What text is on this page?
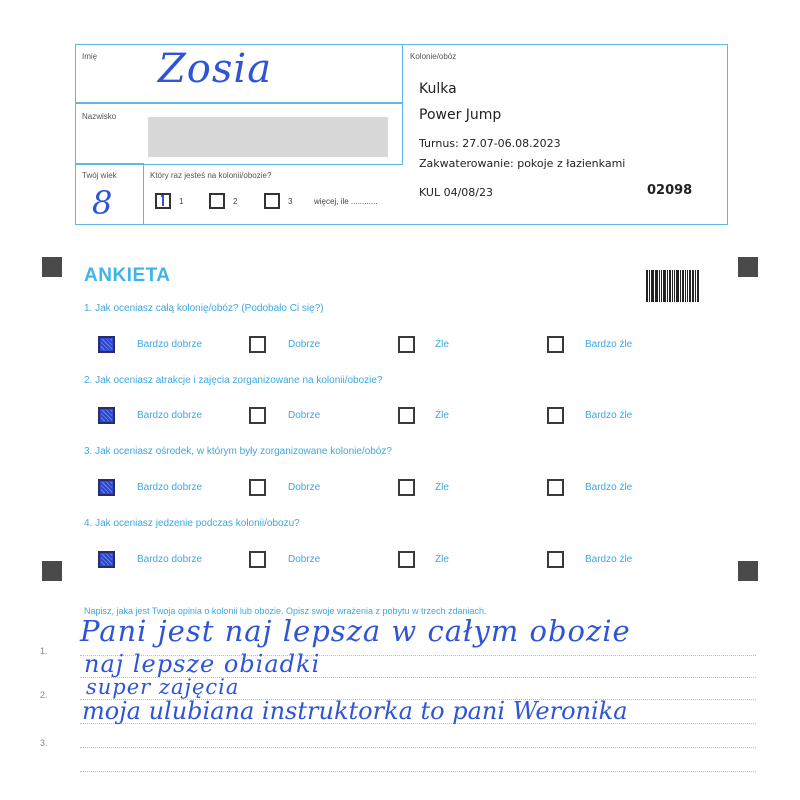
Imię Zosia
Nazwisko
Twój wiek
8
Który raz jesteś na kolonii/obozie?
1	2	3	więcej, ile ............
Kolonie/obóz
Kulka
Power Jump
Turnus: 27.07-06.08.2023
Zakwaterowanie: pokoje z łazienkami
KUL 04/08/23	02098
ANKIETA
1. Jak oceniasz całą kolonię/obóz? (Podobało Ci się?)
Bardzo dobrze	Dobrze	Źle	Bardzo źle
2. Jak oceniasz atrakcje i zajęcia zorganizowane na kolonii/obozie?
Bardzo dobrze	Dobrze	Źle	Bardzo źle
3. Jak oceniasz ośrodek, w którym były zorganizowane kolonie/obóz?
Bardzo dobrze	Dobrze	Źle	Bardzo źle
4. Jak oceniasz jedzenie podczas kolonii/obozu?
Bardzo dobrze	Dobrze	Źle	Bardzo źle
Napisz, jaka jest Twoja opinia o kolonii lub obozie. Opisz swoje wrażenia z pobytu w trzech zdaniach.
1.
2.
3.
Pani jest naj lepsza w całym obozie
naj lepsze obiadki
super zajęcia
moja ulubiana instruktorka to pani Weronika
